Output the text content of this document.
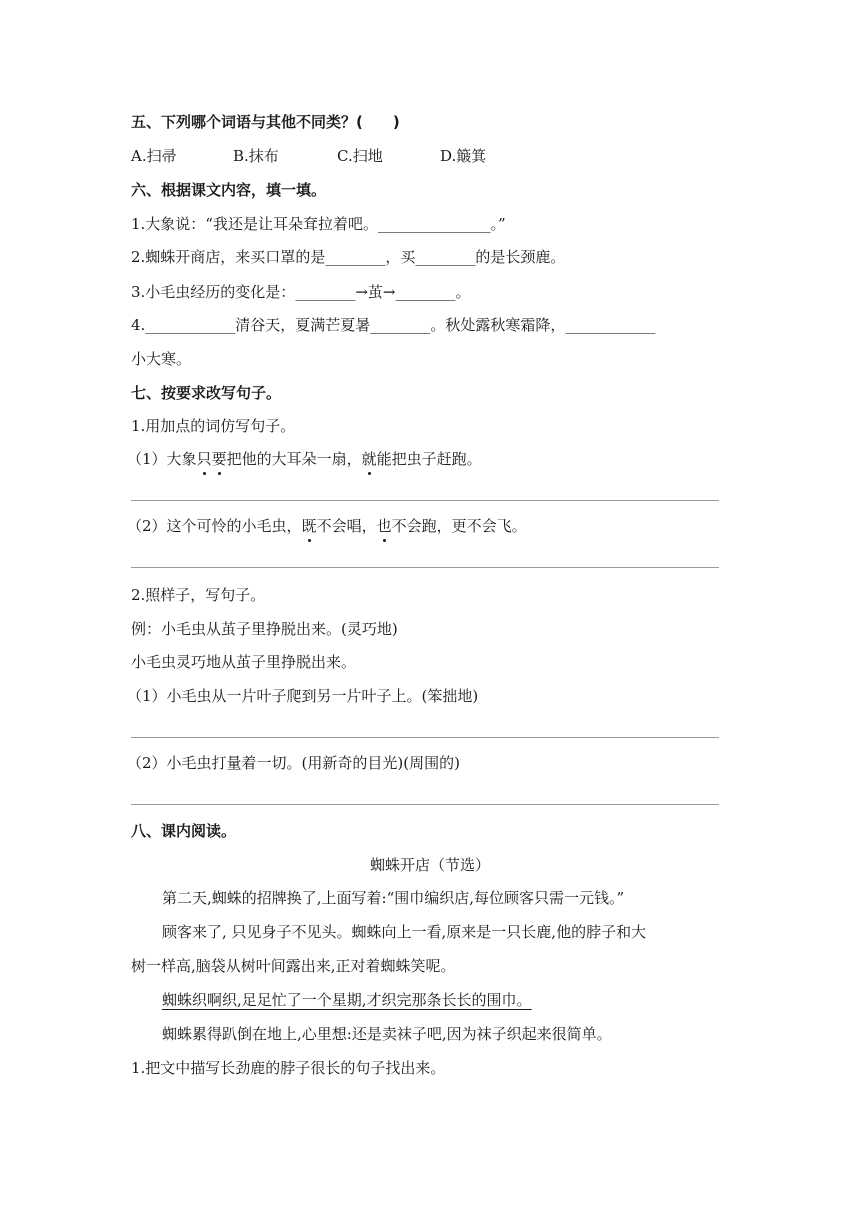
五、下列哪个词语与其他不同类？(　　)
A.扫帚	B.抹布	C.扫地	D.簸箕
六、根据课文内容，填一填。
1.大象说：“我还是让耳朵耷拉着吧。_______________。”
2.蜘蛛开商店，来买口罩的是________，买________的是长颈鹿。
3.小毛虫经历的变化是：________→茧→________。
4.____________清谷天，夏满芒夏暑________。秋处露秋寒霜降，____________
小大寒。
七、按要求改写句子。
1.用加点的词仿写句子。
（1）大象只要把他的大耳朵一扇，就能把虫子赶跑。
（2）这个可怜的小毛虫，既不会唱，也不会跑，更不会飞。
2.照样子，写句子。
例：小毛虫从茧子里挣脱出来。(灵巧地)
小毛虫灵巧地从茧子里挣脱出来。
（1）小毛虫从一片叶子爬到另一片叶子上。(笨拙地)
（2）小毛虫打量着一切。(用新奇的目光)(周围的)
八、课内阅读。
蜘蛛开店（节选）
第二天,蜘蛛的招牌换了,上面写着:“围巾编织店,每位顾客只需一元钱。”
顾客来了, 只见身子不见头。蜘蛛向上一看,原来是一只长鹿,他的脖子和大
树一样高,脑袋从树叶间露出来,正对着蜘蛛笑呢。
蜘蛛织啊织,足足忙了一个星期,才织完那条长长的围巾。
蜘蛛累得趴倒在地上,心里想:还是卖袜子吧,因为袜子织起来很简单。
1.把文中描写长劲鹿的脖子很长的句子找出来。
